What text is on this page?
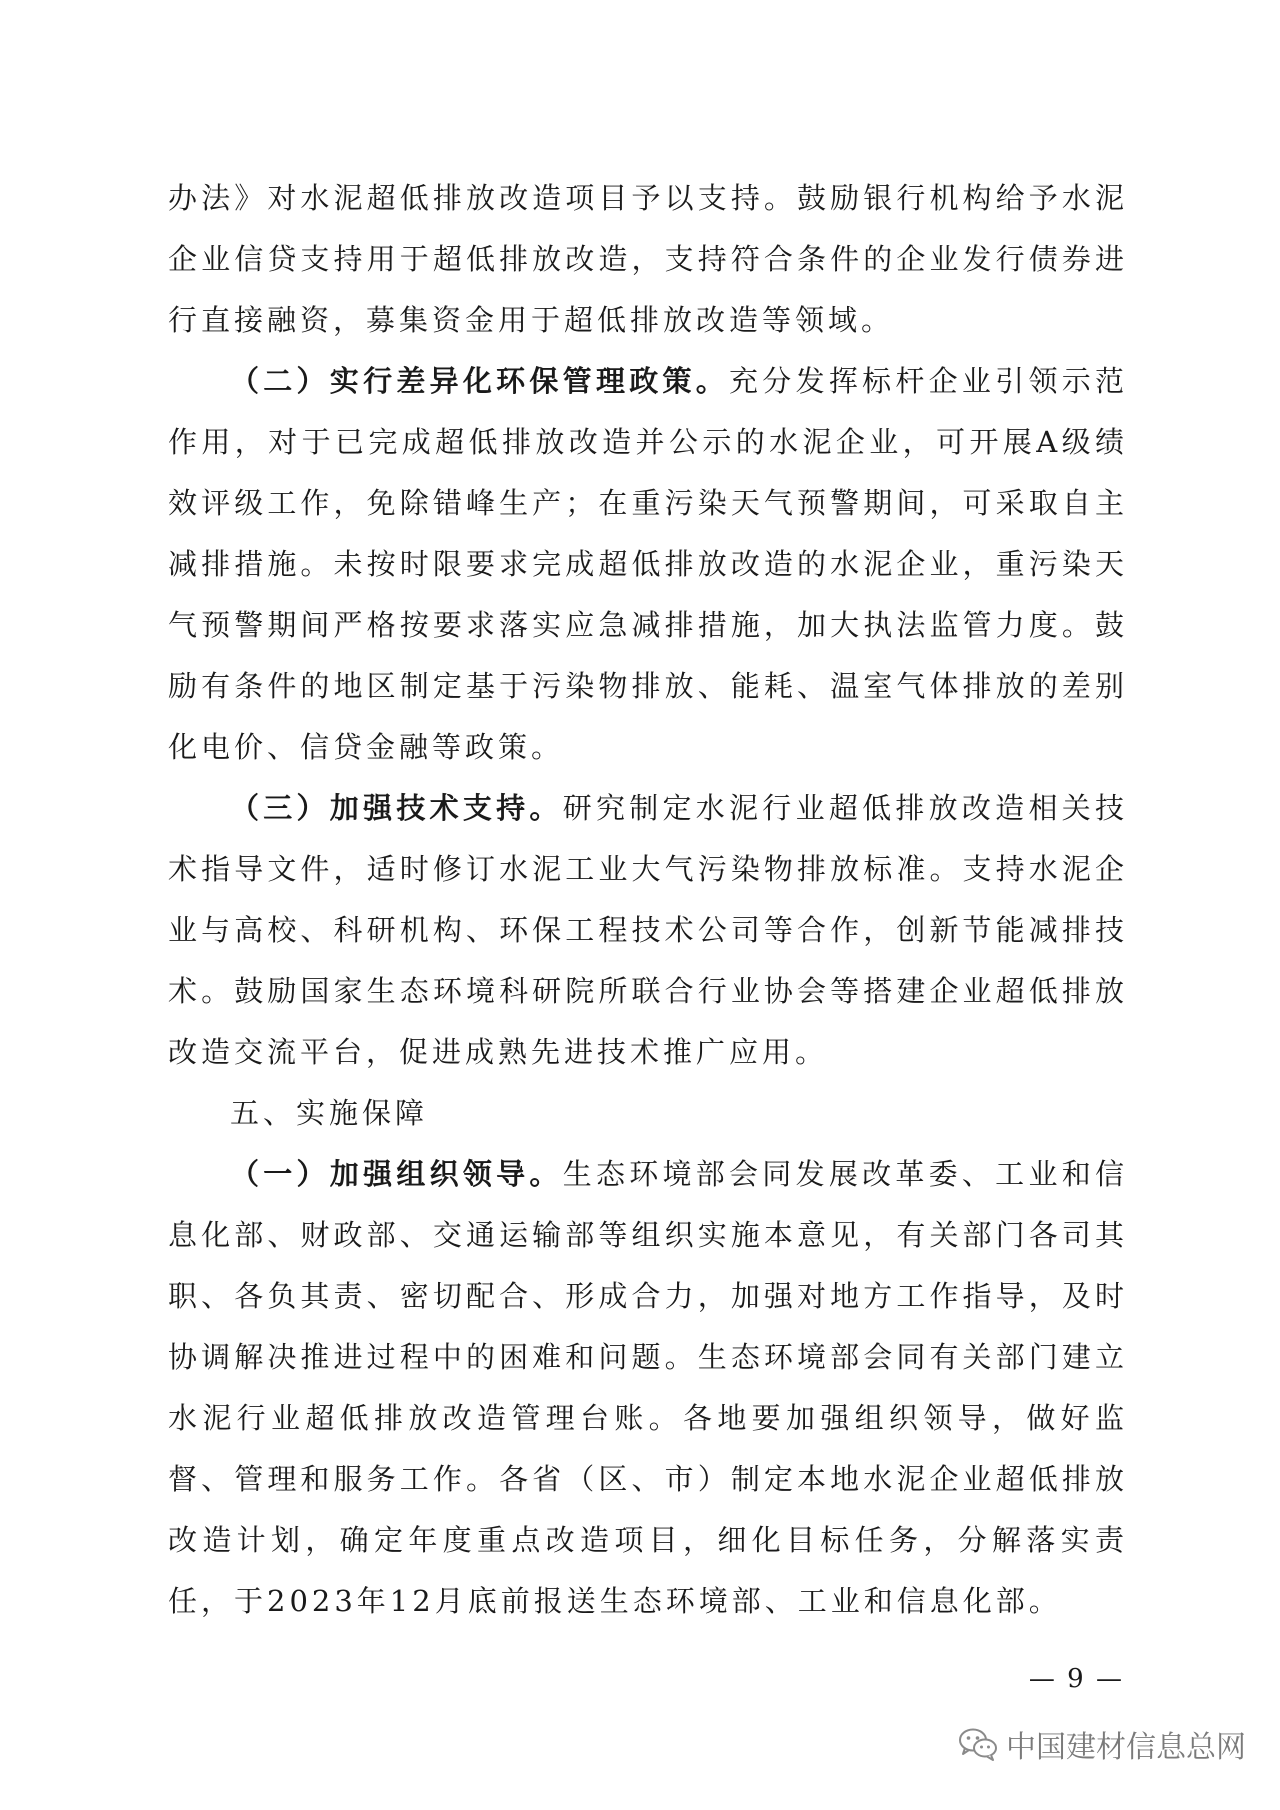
办法》对水泥超低排放改造项目予以支持。鼓励银行机构给予水泥企业信贷支持用于超低排放改造，支持符合条件的企业发行债券进行直接融资，募集资金用于超低排放改造等领域。

（二）实行差异化环保管理政策。充分发挥标杆企业引领示范作用，对于已完成超低排放改造并公示的水泥企业，可开展A级绩效评级工作，免除错峰生产；在重污染天气预警期间，可采取自主减排措施。未按时限要求完成超低排放改造的水泥企业，重污染天气预警期间严格按要求落实应急减排措施，加大执法监管力度。鼓励有条件的地区制定基于污染物排放、能耗、温室气体排放的差别化电价、信贷金融等政策。

（三）加强技术支持。研究制定水泥行业超低排放改造相关技术指导文件，适时修订水泥工业大气污染物排放标准。支持水泥企业与高校、科研机构、环保工程技术公司等合作，创新节能减排技术。鼓励国家生态环境科研院所联合行业协会等搭建企业超低排放改造交流平台，促进成熟先进技术推广应用。

五、实施保障

（一）加强组织领导。生态环境部会同发展改革委、工业和信息化部、财政部、交通运输部等组织实施本意见，有关部门各司其职、各负其责、密切配合、形成合力，加强对地方工作指导，及时协调解决推进过程中的困难和问题。生态环境部会同有关部门建立水泥行业超低排放改造管理台账。各地要加强组织领导，做好监督、管理和服务工作。各省（区、市）制定本地水泥企业超低排放改造计划，确定年度重点改造项目，细化目标任务，分解落实责任，于2023年12月底前报送生态环境部、工业和信息化部。

— 9 —
中国建材信息总网
